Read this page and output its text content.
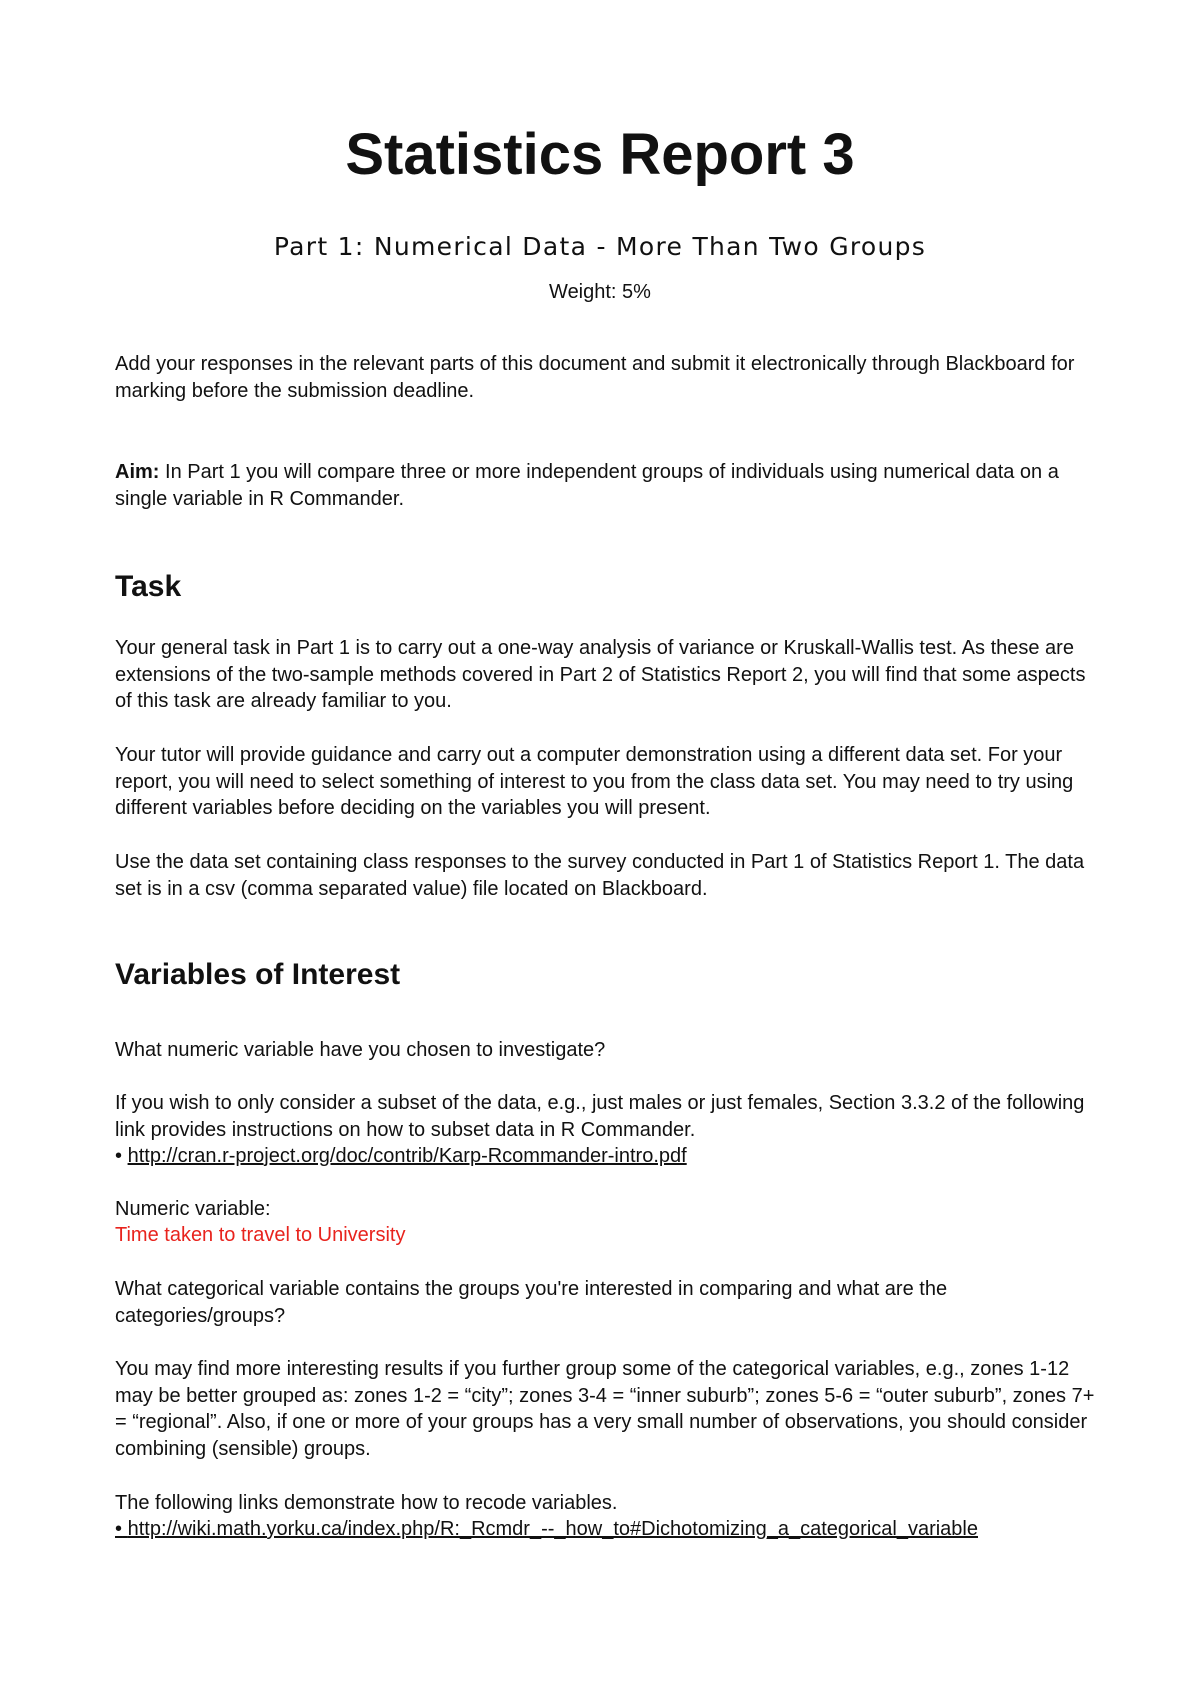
Statistics Report 3
Part 1: Numerical Data - More Than Two Groups
Weight: 5%

Add your responses in the relevant parts of this document and submit it electronically through Blackboard for marking before the submission deadline.

Aim: In Part 1 you will compare three or more independent groups of individuals using numerical data on a single variable in R Commander.

Task

Your general task in Part 1 is to carry out a one-way analysis of variance or Kruskall-Wallis test. As these are extensions of the two-sample methods covered in Part 2 of Statistics Report 2, you will find that some aspects of this task are already familiar to you.

Your tutor will provide guidance and carry out a computer demonstration using a different data set. For your report, you will need to select something of interest to you from the class data set. You may need to try using different variables before deciding on the variables you will present.

Use the data set containing class responses to the survey conducted in Part 1 of Statistics Report 1. The data set is in a csv (comma separated value) file located on Blackboard.

Variables of Interest

What numeric variable have you chosen to investigate?

If you wish to only consider a subset of the data, e.g., just males or just females, Section 3.3.2 of the following link provides instructions on how to subset data in R Commander.

• http://cran.r-project.org/doc/contrib/Karp-Rcommander-intro.pdf

Numeric variable:

Time taken to travel to University

What categorical variable contains the groups you're interested in comparing and what are the categories/groups?

You may find more interesting results if you further group some of the categorical variables, e.g., zones 1-12 may be better grouped as: zones 1-2 = “city”; zones 3-4 = “inner suburb”; zones 5-6 = “outer suburb”, zones 7+ = “regional”. Also, if one or more of your groups has a very small number of observations, you should consider combining (sensible) groups.

The following links demonstrate how to recode variables.

• http://wiki.math.yorku.ca/index.php/R:_Rcmdr_--_how_to#Dichotomizing_a_categorical_variable
